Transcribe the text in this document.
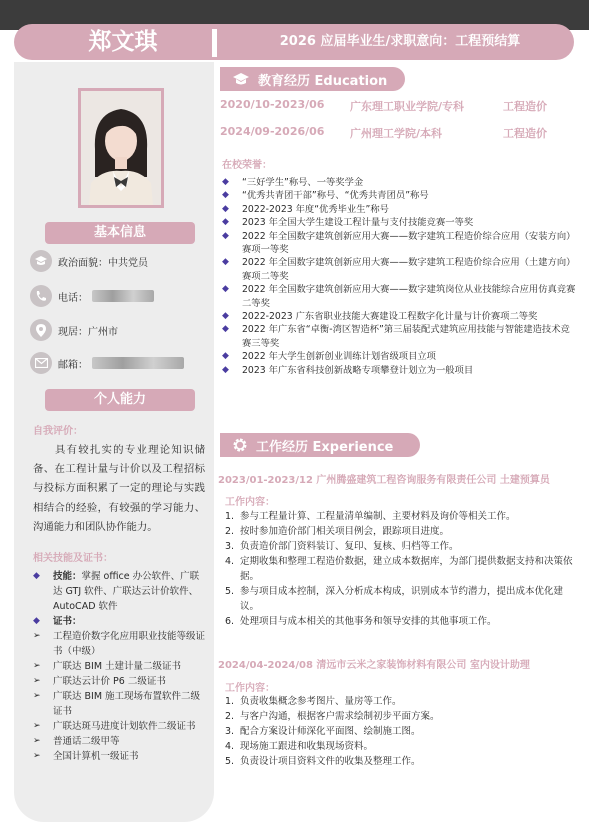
郑文琪	2026 应届毕业生/求职意向：工程预结算
基本信息
政治面貌：中共党员
电话：
现居：广州市
邮箱：
个人能力
自我评价：
  具有较扎实的专业理论知识储备、在工程计量与计价以及工程招标与投标方面积累了一定的理论与实践相结合的经验，有较强的学习能力、沟通能力和团队协作能力。
相关技能及证书：
◆	技能：掌握 office 办公软件、广联达 GTJ 软件、广联达云计价软件、AutoCAD 软件
◆	证书：
➢	工程造价数字化应用职业技能等级证书（中级）
➢	广联达 BIM 土建计量二级证书
➢	广联达云计价 P6 二级证书
➢	广联达 BIM 施工现场布置软件二级证书
➢	广联达斑马进度计划软件二级证书
➢	普通话二级甲等
➢	全国计算机一级证书
教育经历 Education
2020/10-2023/06 广东理工职业学院/专科	工程造价
2024/09-2026/06 广州理工学院/本科	工程造价
在校荣誉：
◆	“三好学生”称号、一等奖学金
◆	“优秀共青团干部”称号、“优秀共青团员”称号
◆	2022-2023 年度“优秀毕业生”称号
◆	2023 年全国大学生建设工程计量与支付技能竞赛一等奖
◆	2022 年全国数字建筑创新应用大赛——数字建筑工程造价综合应用（安装方向）赛项一等奖
◆	2022 年全国数字建筑创新应用大赛——数字建筑工程造价综合应用（土建方向）赛项二等奖
◆	2022 年全国数字建筑创新应用大赛——数字建筑岗位从业技能综合应用仿真竞赛二等奖
◆	2022-2023 广东省职业技能大赛建设工程数字化计量与计价赛项二等奖
◆	2022 年广东省“卓衡-湾区智造杯”第三届装配式建筑应用技能与智能建造技术竞赛三等奖
◆	2022 年大学生创新创业训练计划省级项目立项
◆	2023 年广东省科技创新战略专项攀登计划立为一般项目
工作经历 Experience
2023/01-2023/12 广州腾盛建筑工程咨询服务有限责任公司 土建预算员
工作内容：
1. 参与工程量计算、工程量清单编制、主要材料及询价等相关工作。
2. 按时参加造价部门相关项目例会，跟踪项目进度。
3. 负责造价部门资料装订、复印、复核、归档等工作。
4. 定期收集和整理工程造价数据，建立成本数据库，为部门提供数据支持和决策依据。
5. 参与项目成本控制，深入分析成本构成，识别成本节约潜力，提出成本优化建议。
6. 处理项目与成本相关的其他事务和领导安排的其他事项工作。
2024/04-2024/08 清远市云米之家装饰材料有限公司 室内设计助理
工作内容：
1. 负责收集概念参考图片、量房等工作。
2. 与客户沟通，根据客户需求绘制初步平面方案。
3. 配合方案设计师深化平面图、绘制施工图。
4. 现场施工跟进和收集现场资料。
5. 负责设计项目资料文件的收集及整理工作。
